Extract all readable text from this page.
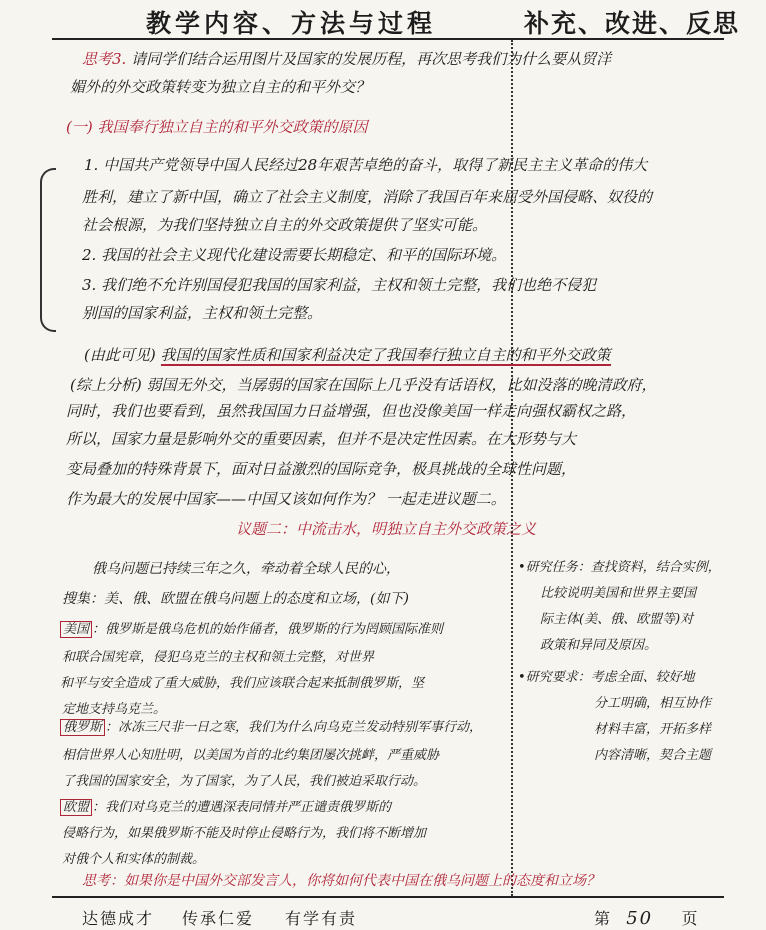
教学内容、方法与过程	补充、改进、反思
思考3. 请同学们结合运用图片及国家的发展历程，再次思考我们为什么要从贸洋
媚外的外交政策转变为独立自主的和平外交？
(一) 我国奉行独立自主的和平外交政策的原因
1. 中国共产党领导中国人民经过28年艰苦卓绝的奋斗，取得了新民主主义革命的伟大
胜利，建立了新中国，确立了社会主义制度，消除了我国百年来屈受外国侵略、奴役的
社会根源，为我们坚持独立自主的外交政策提供了坚实可能。
2. 我国的社会主义现代化建设需要长期稳定、和平的国际环境。
3. 我们绝不允许别国侵犯我国的国家利益，主权和领土完整，我们也绝不侵犯
别国的国家利益，主权和领土完整。
(由此可见) 我国的国家性质和国家利益决定了我国奉行独立自主的和平外交政策
(综上分析) 弱国无外交，当孱弱的国家在国际上几乎没有话语权，比如没落的晚清政府，
同时，我们也要看到，虽然我国国力日益增强，但也没像美国一样走向强权霸权之路，
所以，国家力量是影响外交的重要因素，但并不是决定性因素。在大形势与大
变局叠加的特殊背景下，面对日益激烈的国际竞争，极具挑战的全球性问题，
作为最大的发展中国家——中国又该如何作为？ 一起走进议题二。
议题二：中流击水，明独立自主外交政策之义
俄乌问题已持续三年之久，牵动着全球人民的心，
搜集：美、俄、欧盟在俄乌问题上的态度和立场，(如下)
美国 ：俄罗斯是俄乌危机的始作俑者，俄罗斯的行为罔顾国际准则
和联合国宪章，侵犯乌克兰的主权和领土完整，对世界
和平与安全造成了重大威胁，我们应该联合起来抵制俄罗斯，坚
定地支持乌克兰。
俄罗斯 ：冰冻三尺非一日之寒，我们为什么向乌克兰发动特别军事行动，
相信世界人心知肚明，以美国为首的北约集团屡次挑衅，严重威胁
了我国的国家安全，为了国家，为了人民，我们被迫采取行动。
欧盟 ：我们对乌克兰的遭遇深表同情并严正谴责俄罗斯的
侵略行为，如果俄罗斯不能及时停止侵略行为，我们将不断增加
对俄个人和实体的制裁。
•研究任务：查找资料，结合实例，
比较说明美国和世界主要国
际主体(美、俄、欧盟等)对
政策和异同及原因。
•研究要求：考虑全面、较好地
分工明确，相互协作
材料丰富，开拓多样
内容清晰，契合主题
思考：如果你是中国外交部发言人，你将如何代表中国在俄乌问题上的态度和立场？
达德成才 传承仁爱 有学有责	第 50 页
